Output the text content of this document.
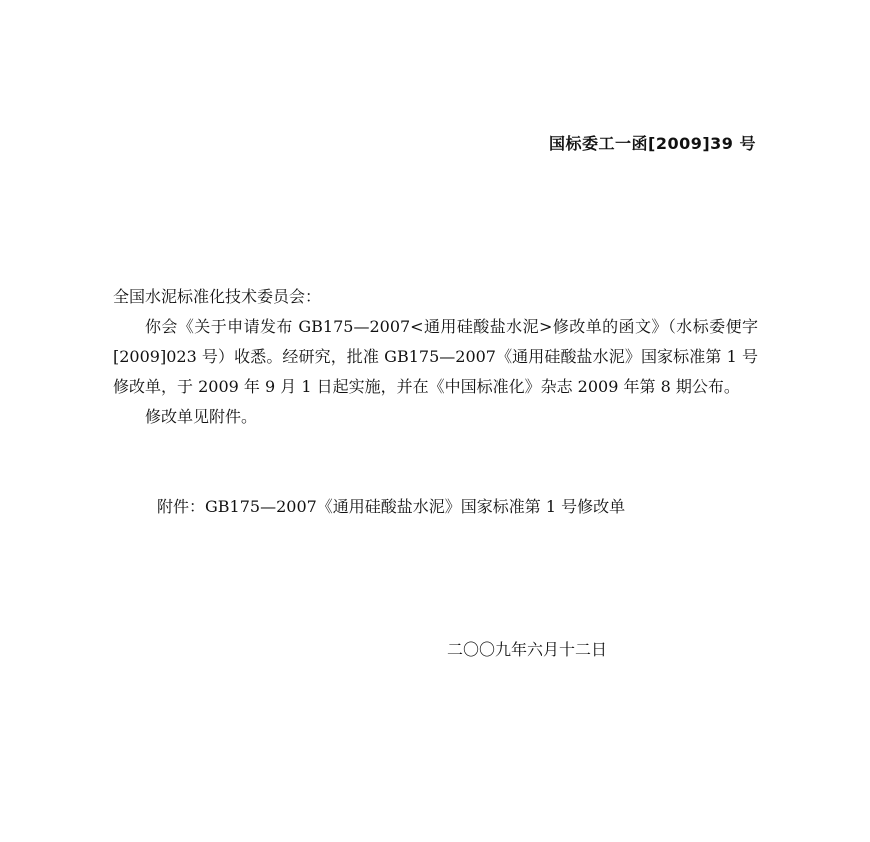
国标委工一函[2009]39 号

全国水泥标准化技术委员会：

你会《关于申请发布 GB175—2007<通用硅酸盐水泥>修改单的函文》（水标委便字[2009]023 号）收悉。经研究，批准 GB175—2007《通用硅酸盐水泥》国家标准第 1 号修改单，于 2009 年 9 月 1 日起实施，并在《中国标准化》杂志 2009 年第 8 期公布。

修改单见附件。

附件：GB175—2007《通用硅酸盐水泥》国家标准第 1 号修改单
二〇〇九年六月十二日
